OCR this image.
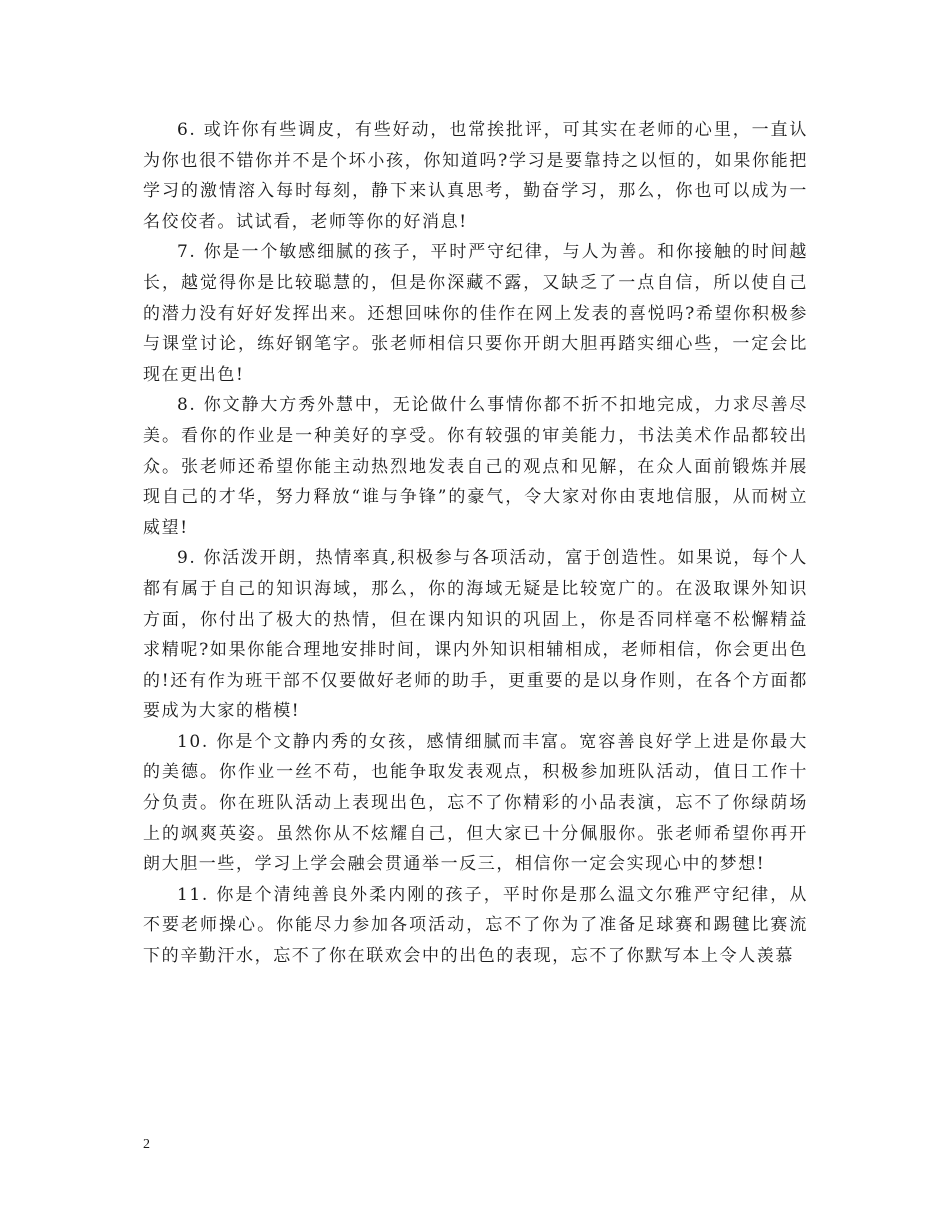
6. 或许你有些调皮，有些好动，也常挨批评，可其实在老师的心里，一直认为你也很不错你并不是个坏小孩，你知道吗?学习是要靠持之以恒的，如果你能把学习的激情溶入每时每刻，静下来认真思考，勤奋学习，那么，你也可以成为一名佼佼者。试试看，老师等你的好消息!

7. 你是一个敏感细腻的孩子，平时严守纪律，与人为善。和你接触的时间越长，越觉得你是比较聪慧的，但是你深藏不露，又缺乏了一点自信，所以使自己的潜力没有好好发挥出来。还想回味你的佳作在网上发表的喜悦吗?希望你积极参与课堂讨论，练好钢笔字。张老师相信只要你开朗大胆再踏实细心些，一定会比现在更出色!

8. 你文静大方秀外慧中，无论做什么事情你都不折不扣地完成，力求尽善尽美。看你的作业是一种美好的享受。你有较强的审美能力，书法美术作品都较出众。张老师还希望你能主动热烈地发表自己的观点和见解，在众人面前锻炼并展现自己的才华，努力释放“谁与争锋”的豪气，令大家对你由衷地信服，从而树立威望!

9. 你活泼开朗，热情率真,积极参与各项活动，富于创造性。如果说，每个人都有属于自己的知识海域，那么，你的海域无疑是比较宽广的。在汲取课外知识方面，你付出了极大的热情，但在课内知识的巩固上，你是否同样毫不松懈精益求精呢?如果你能合理地安排时间，课内外知识相辅相成，老师相信，你会更出色的!还有作为班干部不仅要做好老师的助手，更重要的是以身作则，在各个方面都要成为大家的楷模!

10. 你是个文静内秀的女孩，感情细腻而丰富。宽容善良好学上进是你最大的美德。你作业一丝不苟，也能争取发表观点，积极参加班队活动，值日工作十分负责。你在班队活动上表现出色，忘不了你精彩的小品表演，忘不了你绿荫场上的飒爽英姿。虽然你从不炫耀自己，但大家已十分佩服你。张老师希望你再开朗大胆一些，学习上学会融会贯通举一反三，相信你一定会实现心中的梦想!

11. 你是个清纯善良外柔内刚的孩子，平时你是那么温文尔雅严守纪律，从不要老师操心。你能尽力参加各项活动，忘不了你为了准备足球赛和踢毽比赛流下的辛勤汗水，忘不了你在联欢会中的出色的表现，忘不了你默写本上令人羡慕

2
